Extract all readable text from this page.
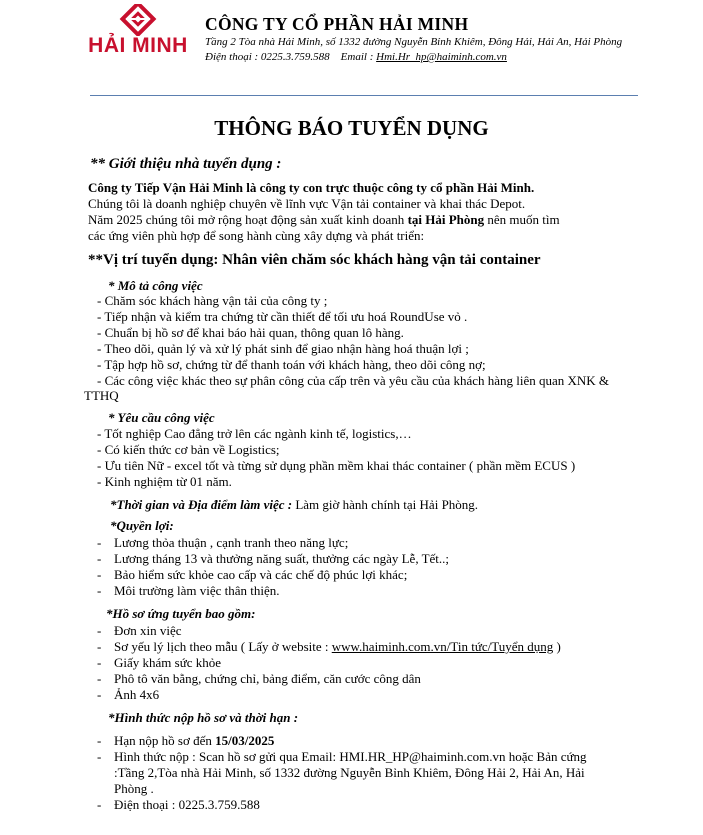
HẢI MINH
CÔNG TY CỔ PHẦN HẢI MINH
Tầng 2 Tòa nhà Hải Minh, số 1332 đường Nguyễn Bỉnh Khiêm, Đông Hải, Hải An, Hải Phòng
Điện thoại : 0225.3.759.588 Email : Hmi.Hr_hp@haiminh.com.vn
THÔNG BÁO TUYỂN DỤNG
** Giới thiệu nhà tuyển dụng :
Công ty Tiếp Vận Hải Minh là công ty con trực thuộc công ty cổ phần Hải Minh.
Chúng tôi là doanh nghiệp chuyên về lĩnh vực Vận tải container và khai thác Depot.
Năm 2025 chúng tôi mở rộng hoạt động sản xuất kinh doanh tại Hải Phòng nên muốn tìm
các ứng viên phù hợp để song hành cùng xây dựng và phát triển:
**Vị trí tuyển dụng: Nhân viên chăm sóc khách hàng vận tải container
* Mô tả công việc
- Chăm sóc khách hàng vận tải của công ty ;
- Tiếp nhận và kiểm tra chứng từ cần thiết để tối ưu hoá RoundUse vỏ .
- Chuẩn bị hồ sơ để khai báo hải quan, thông quan lô hàng.
- Theo dõi, quản lý và xử lý phát sinh để giao nhận hàng hoá thuận lợi ;
- Tập hợp hồ sơ, chứng từ để thanh toán với khách hàng, theo dõi công nợ;
- Các công việc khác theo sự phân công của cấp trên và yêu cầu của khách hàng liên quan XNK &
TTHQ
* Yêu cầu công việc
- Tốt nghiệp Cao đẳng trở lên các ngành kinh tế, logistics,…
- Có kiến thức cơ bản về Logistics;
- Ưu tiên Nữ - excel tốt và từng sử dụng phần mềm khai thác container ( phần mềm ECUS )
- Kinh nghiệm từ 01 năm.
*Thời gian và Địa điểm làm việc : Làm giờ hành chính tại Hải Phòng.
*Quyền lợi:
- Lương thỏa thuận , cạnh tranh theo năng lực;
- Lương tháng 13 và thưởng năng suất, thưởng các ngày Lễ, Tết..;
- Bảo hiểm sức khỏe cao cấp và các chế độ phúc lợi khác;
- Môi trường làm việc thân thiện.
*Hồ sơ ứng tuyển bao gồm:
- Đơn xin việc
- Sơ yếu lý lịch theo mẫu ( Lấy ở website : www.haiminh.com.vn/Tin tức/Tuyển dụng )
- Giấy khám sức khỏe
- Phô tô văn bằng, chứng chỉ, bảng điểm, căn cước công dân
- Ảnh 4x6
*Hình thức nộp hồ sơ và thời hạn :
- Hạn nộp hồ sơ đến 15/03/2025
- Hình thức nộp : Scan hồ sơ gửi qua Email: HMI.HR_HP@haiminh.com.vn hoặc Bản cứng
:Tầng 2,Tòa nhà Hải Minh, số 1332 đường Nguyễn Bỉnh Khiêm, Đông Hải 2, Hải An, Hải
Phòng .
- Điện thoại : 0225.3.759.588
